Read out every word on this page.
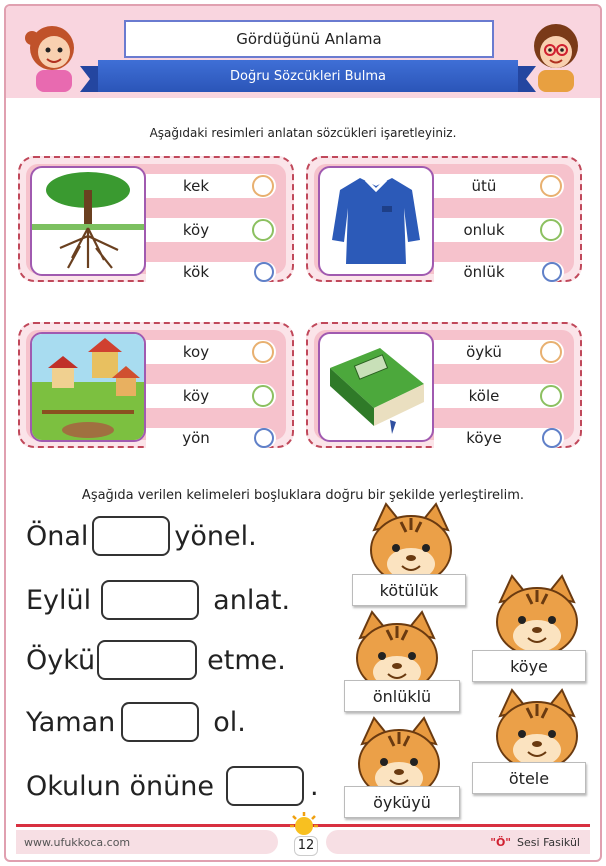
Gördüğünü Anlama
Doğru Sözcükleri Bulma
Aşağıdaki resimleri anlatan sözcükleri işaretleyiniz.
kek
köy
kök
ütü
onluk
önlük
koy
köy
yön
öykü
köle
köye
Aşağıda verilen kelimeleri boşluklara doğru bir şekilde yerleştirelim.
Önal	yönel.
Eylül	anlat.
Öykü	etme.
Yaman	ol.
Okulun önüne	.
kötülük
köye
önlüklü
ötele
öyküyü
www.ufukkoca.com	12	"Ö" Sesi Fasikül
